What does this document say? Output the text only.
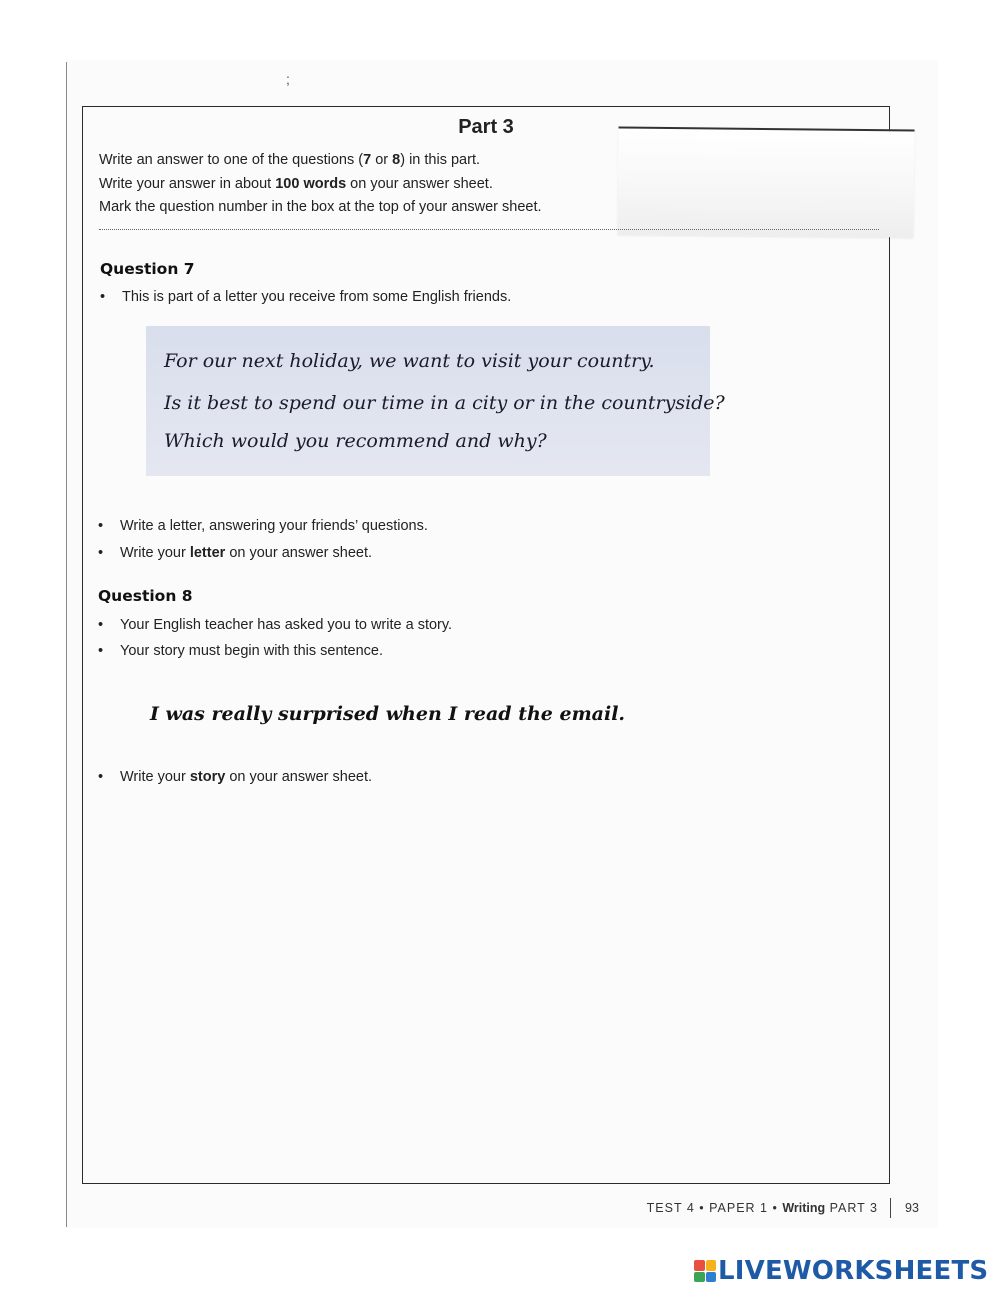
;
Part 3
Write an answer to one of the questions (7 or 8) in this part.
Write your answer in about 100 words on your answer sheet.
Mark the question number in the box at the top of your answer sheet.
Question 7
• This is part of a letter you receive from some English friends.
For our next holiday, we want to visit your country.
Is it best to spend our time in a city or in the countryside?
Which would you recommend and why?
• Write a letter, answering your friends’ questions.
• Write your letter on your answer sheet.
Question 8
• Your English teacher has asked you to write a story.
• Your story must begin with this sentence.
I was really surprised when I read the email.
• Write your story on your answer sheet.
TEST 4 • PAPER 1 • Writing PART 3 93
LIVEWORKSHEETS
